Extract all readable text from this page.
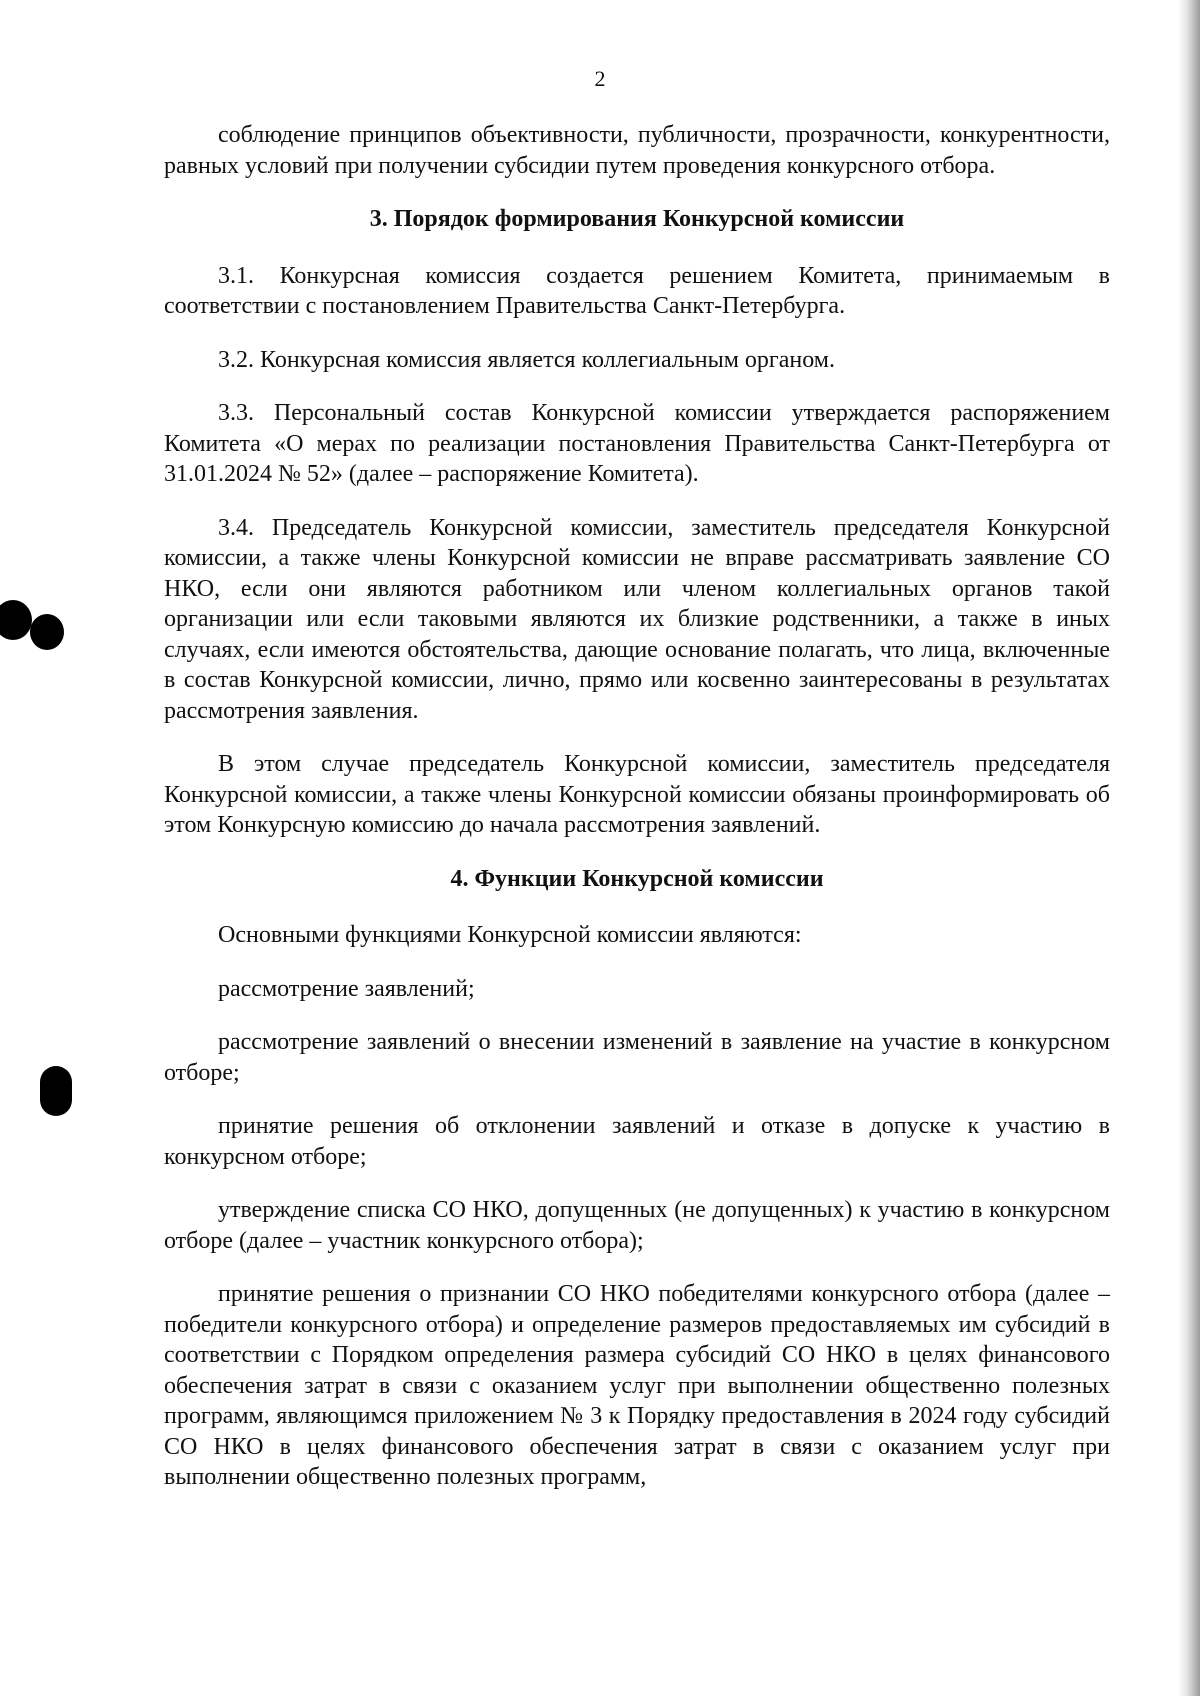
2

соблюдение принципов объективности, публичности, прозрачности, конкурентности, равных условий при получении субсидии путем проведения конкурсного отбора.

3. Порядок формирования Конкурсной комиссии

3.1. Конкурсная комиссия создается решением Комитета, принимаемым в соответствии с постановлением Правительства Санкт-Петербурга.

3.2. Конкурсная комиссия является коллегиальным органом.

3.3. Персональный состав Конкурсной комиссии утверждается распоряжением Комитета «О мерах по реализации постановления Правительства Санкт-Петербурга от 31.01.2024 № 52» (далее – распоряжение Комитета).

3.4. Председатель Конкурсной комиссии, заместитель председателя Конкурсной комиссии, а также члены Конкурсной комиссии не вправе рассматривать заявление СО НКО, если они являются работником или членом коллегиальных органов такой организации или если таковыми являются их близкие родственники, а также в иных случаях, если имеются обстоятельства, дающие основание полагать, что лица, включенные в состав Конкурсной комиссии, лично, прямо или косвенно заинтересованы в результатах рассмотрения заявления.

В этом случае председатель Конкурсной комиссии, заместитель председателя Конкурсной комиссии, а также члены Конкурсной комиссии обязаны проинформировать об этом Конкурсную комиссию до начала рассмотрения заявлений.

4. Функции Конкурсной комиссии

Основными функциями Конкурсной комиссии являются:

рассмотрение заявлений;

рассмотрение заявлений о внесении изменений в заявление на участие в конкурсном отборе;

принятие решения об отклонении заявлений и отказе в допуске к участию в конкурсном отборе;

утверждение списка СО НКО, допущенных (не допущенных) к участию в конкурсном отборе (далее – участник конкурсного отбора);

принятие решения о признании СО НКО победителями конкурсного отбора (далее – победители конкурсного отбора) и определение размеров предоставляемых им субсидий в соответствии с Порядком определения размера субсидий СО НКО в целях финансового обеспечения затрат в связи с оказанием услуг при выполнении общественно полезных программ, являющимся приложением № 3 к Порядку предоставления в 2024 году субсидий СО НКО в целях финансового обеспечения затрат в связи с оказанием услуг при выполнении общественно полезных программ,
